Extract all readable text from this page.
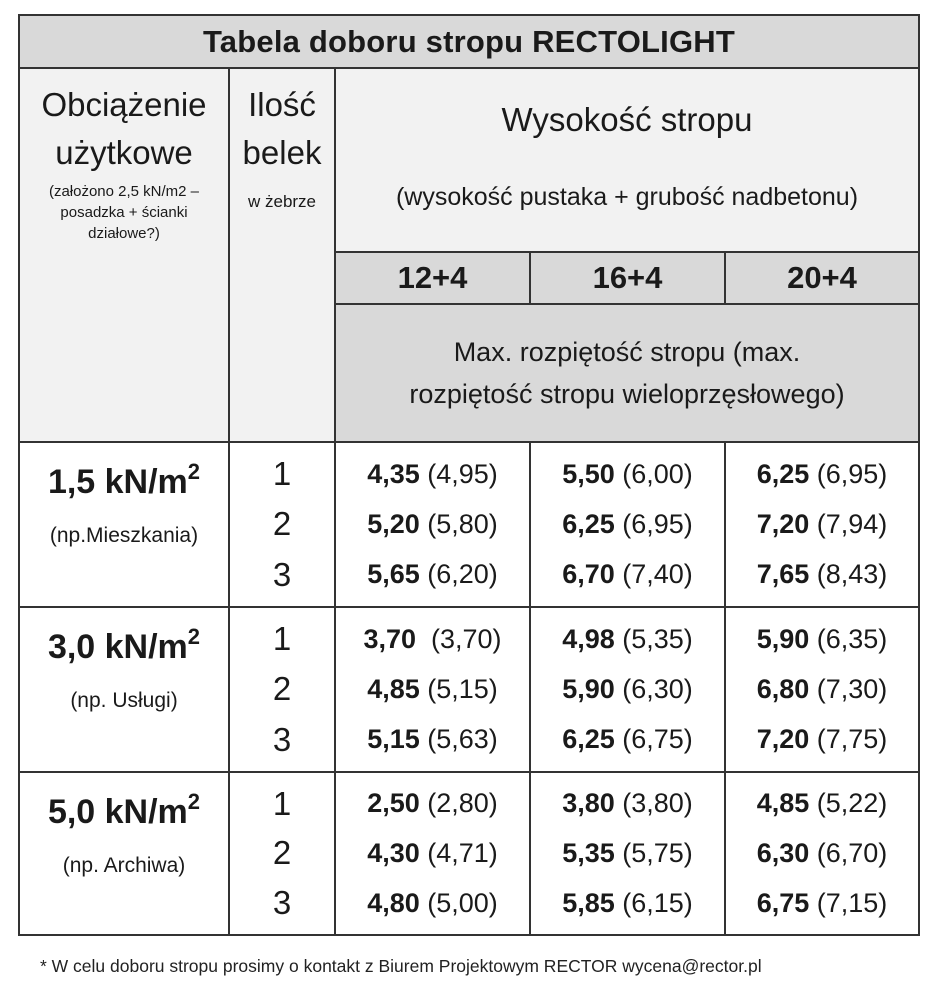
Tabela doboru stropu RECTOLIGHT
Obciążenie
użytkowe
(założono 2,5 kN/m2 –
posadzka + ścianki
działowe?)
Ilość
belek
w żebrze
Wysokość stropu
(wysokość pustaka + grubość nadbetonu)
12+4	16+4	20+4
Max. rozpiętość stropu (max.
rozpiętość stropu wieloprzęsłowego)
1,5 $kN/m^2$
(np.Mieszkania)
1
2
3
4,35 (4,95)
5,20 (5,80)
5,65 (6,20)
5,50 (6,00)
6,25 (6,95)
6,70 (7,40)
6,25 (6,95)
7,20 (7,94)
7,65 (8,43)
3,0 $kN/m^2$
(np. Usługi)
1
2
3
3,70  (3,70)
4,85 (5,15)
5,15 (5,63)
4,98 (5,35)
5,90 (6,30)
6,25 (6,75)
5,90 (6,35)
6,80 (7,30)
7,20 (7,75)
5,0 $kN/m^2$
(np. Archiwa)
1
2
3
2,50 (2,80)
4,30 (4,71)
4,80 (5,00)
3,80 (3,80)
5,35 (5,75)
5,85 (6,15)
4,85 (5,22)
6,30 (6,70)
6,75 (7,15)
* W celu doboru stropu prosimy o kontakt z Biurem Projektowym RECTOR wycena@rector.pl
